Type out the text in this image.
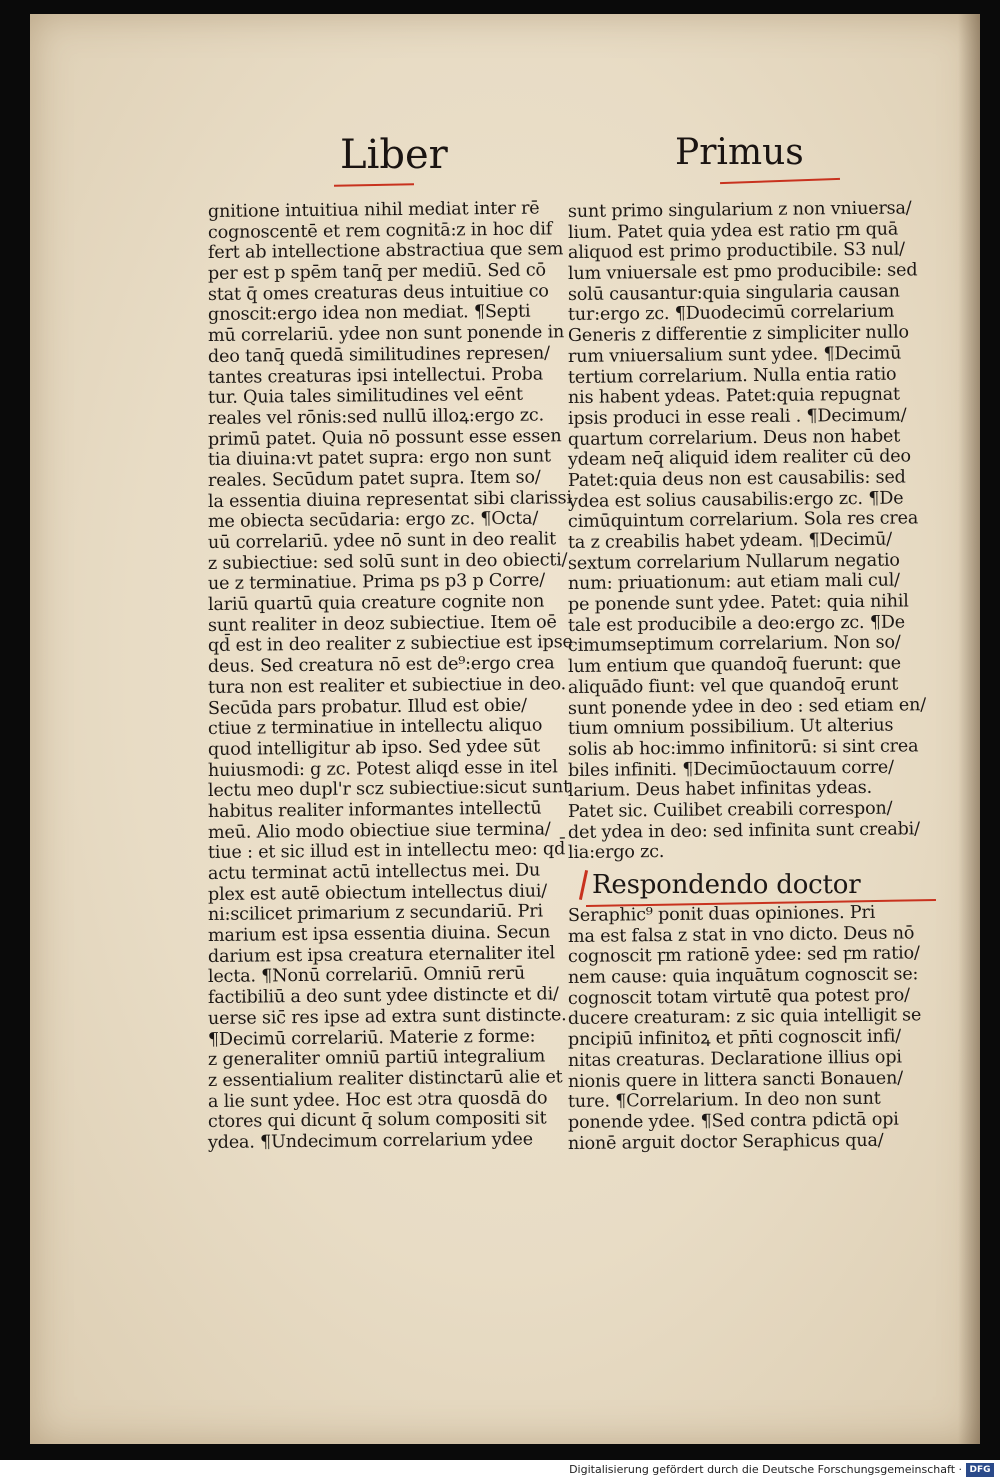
Liber	Primus
gnitione intuitiua nihil mediat inter rē
cognoscentē et rem cognitā:z in hoc dif
fert ab intellectione abstractiua que sem
per est p spēm tanq̄ per mediū. Sed cō
stat q̄ omes creaturas deus intuitiue co
gnoscit:ergo idea non mediat. ¶Septi
mū correlariū. ydee non sunt ponende in
deo tanq̄ quedā similitudines represen/
tantes creaturas ipsi intellectui. Proba
tur. Quia tales similitudines vel eēnt
reales vel rōnis:sed nullū illoꝝ:ergo zc.
primū patet. Quia nō possunt esse essen
tia diuina:vt patet supra: ergo non sunt
reales. Secūdum patet supra. Item so/
la essentia diuina representat sibi clarissi
me obiecta secūdaria: ergo zc. ¶Octa/
uū correlariū. ydee nō sunt in deo realit
z subiectiue: sed solū sunt in deo obiecti/
ue z terminatiue. Prima ps p3 p Corre/
lariū quartū quia creature cognite non
sunt realiter in deoz subiectiue. Item oē
qd̄ est in deo realiter z subiectiue est ipse
deus. Sed creatura nō est de⁹:ergo crea
tura non est realiter et subiectiue in deo.
Secūda pars probatur. Illud est obie/
ctiue z terminatiue in intellectu aliquo
quod intelligitur ab ipso. Sed ydee sūt
huiusmodi: g zc. Potest aliqd esse in itel
lectu meo dupl'r scz subiectiue:sicut sunt
habitus realiter informantes intellectū
meū. Alio modo obiectiue siue termina/
tiue : et sic illud est in intellectu meo: qd̄
actu terminat actū intellectus mei. Du
plex est autē obiectum intellectus diui/
ni:scilicet primarium z secundariū. Pri
marium est ipsa essentia diuina. Secun
darium est ipsa creatura eternaliter itel
lecta. ¶Nonū correlariū. Omniū rerū
factibiliū a deo sunt ydee distincte et di/
uerse sic̄ res ipse ad extra sunt distincte.
¶Decimū correlariū. Materie z forme:
z generaliter omniū partiū integralium
z essentialium realiter distinctarū alie et
a lie sunt ydee. Hoc est ɔtra quosdā do
ctores qui dicunt q̄ solum compositi sit
ydea. ¶Undecimum correlarium ydee
sunt primo singularium z non vniuersa/
lium. Patet quia ydea est ratio ꝼm quā
aliquod est primo productibile. S3 nul/
lum vniuersale est pmo producibile: sed
solū causantur:quia singularia causan
tur:ergo zc. ¶Duodecimū correlarium
Generis z differentie z simpliciter nullo
rum vniuersalium sunt ydee. ¶Decimū
tertium correlarium. Nulla entia ratio
nis habent ydeas. Patet:quia repugnat
ipsis produci in esse reali . ¶Decimum/
quartum correlarium. Deus non habet
ydeam neq̄ aliquid idem realiter cū deo
Patet:quia deus non est causabilis: sed
ydea est solius causabilis:ergo zc. ¶De
cimūquintum correlarium. Sola res crea
ta z creabilis habet ydeam. ¶Decimū/
sextum correlarium Nullarum negatio
num: priuationum: aut etiam mali cul/
pe ponende sunt ydee. Patet: quia nihil
tale est producibile a deo:ergo zc. ¶De
cimumseptimum correlarium. Non so/
lum entium que quandoq̄ fuerunt: que
aliquādo fiunt: vel que quandoq̄ erunt
sunt ponende ydee in deo : sed etiam en/
tium omnium possibilium. Ut alterius
solis ab hoc:immo infinitorū: si sint crea
biles infiniti. ¶Decimūoctauum corre/
larium. Deus habet infinitas ydeas.
Patet sic. Cuilibet creabili correspon/
det ydea in deo: sed infinita sunt creabi/
lia:ergo zc.
Respondendo doctor
Seraphic⁹ ponit duas opiniones. Pri
ma est falsa z stat in vno dicto. Deus nō
cognoscit ꝼm rationē ydee: sed ꝼm ratio/
nem cause: quia inquātum cognoscit se:
cognoscit totam virtutē qua potest pro/
ducere creaturam: z sic quia intelligit se
pncipiū infinitoꝝ et pn̄ti cognoscit infi/
nitas creaturas. Declaratione illius opi
nionis quere in littera sancti Bonauen/
ture. ¶Correlarium. In deo non sunt
ponende ydee. ¶Sed contra pdictā opi
nionē arguit doctor Seraphicus qua/
Digitalisierung gefördert durch die Deutsche Forschungsgemeinschaft · DFG
